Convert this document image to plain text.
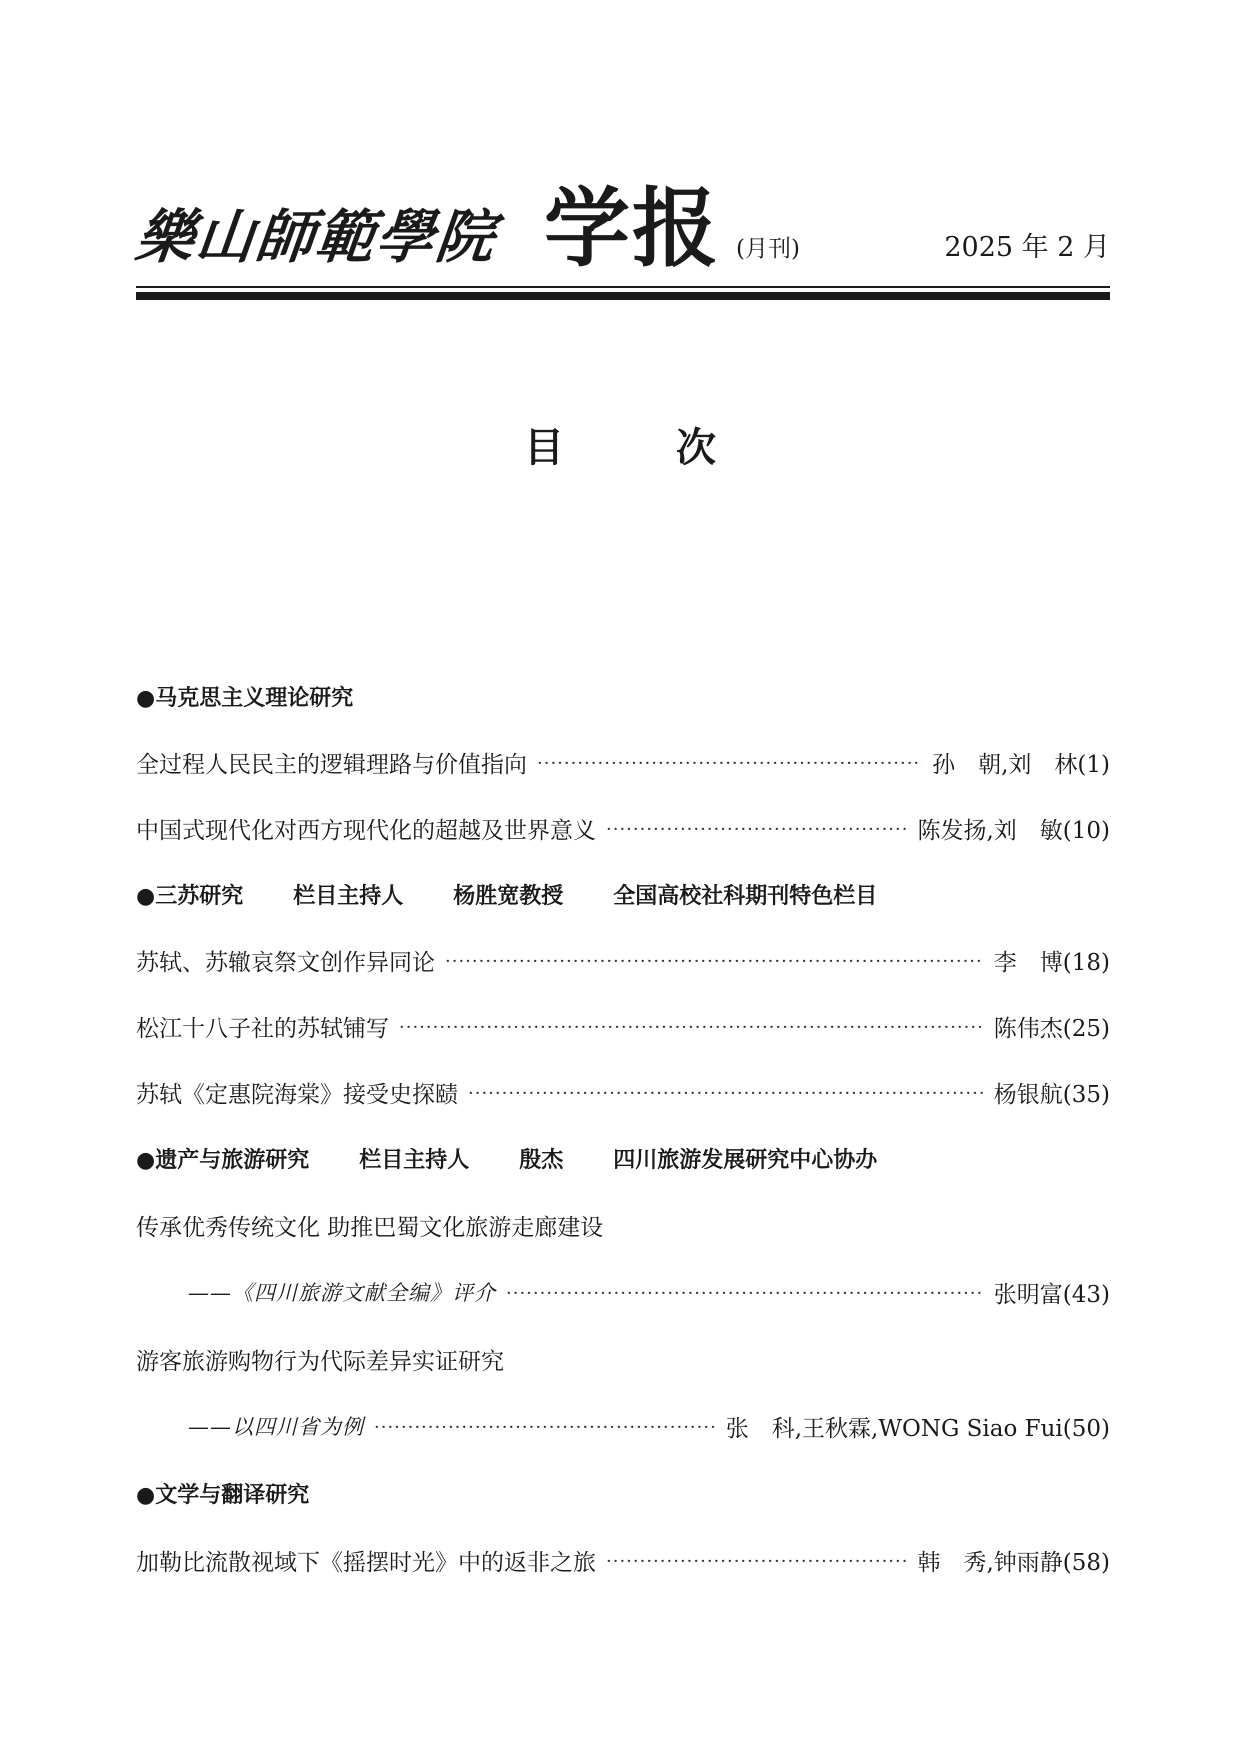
樂山師範學院 学报 (月刊)	2025 年 2 月
目	次
●马克思主义理论研究
全过程人民民主的逻辑理路与价值指向 ·····	孙　朝,刘　林(1)
中国式现代化对西方现代化的超越及世界意义 ·····	陈发扬,刘　敏(10)
●三苏研究 栏目主持人 杨胜宽教授 全国高校社科期刊特色栏目
苏轼、苏辙哀祭文创作异同论 ·····	李　博(18)
松江十八子社的苏轼铺写 ·····	陈伟杰(25)
苏轼《定惠院海棠》接受史探赜 ·····	杨银航(35)
●遗产与旅游研究 栏目主持人 殷杰 四川旅游发展研究中心协办
传承优秀传统文化 助推巴蜀文化旅游走廊建设
——《四川旅游文献全编》评介 ·····	张明富(43)
游客旅游购物行为代际差异实证研究
——以四川省为例 ·····	张　科,王秋霖,WONG Siao Fui(50)
●文学与翻译研究
加勒比流散视域下《摇摆时光》中的返非之旅 ·····	韩　秀,钟雨静(58)
